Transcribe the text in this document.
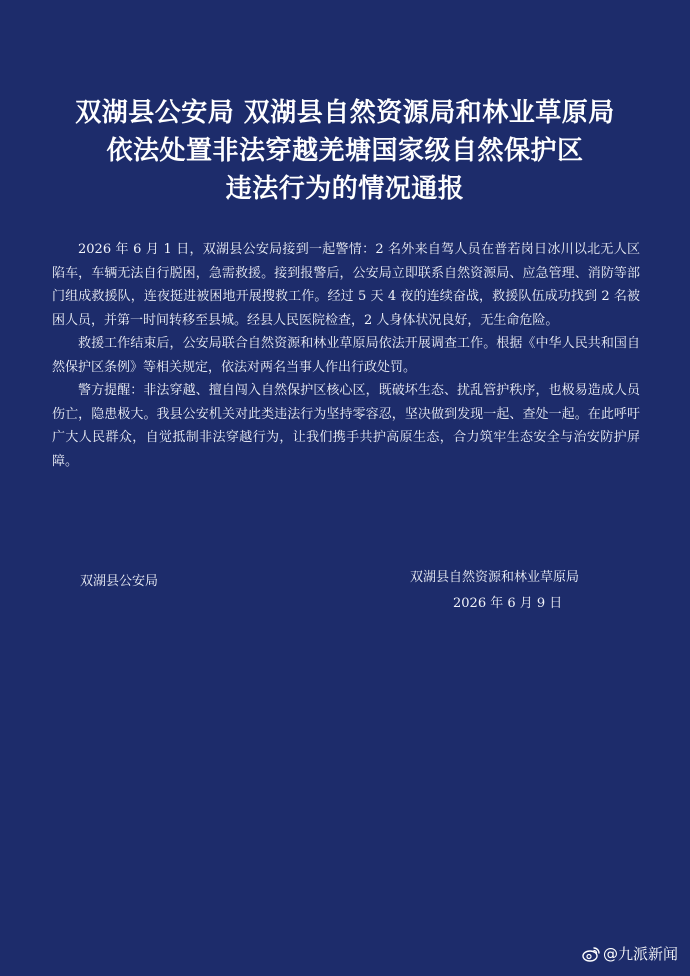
双湖县公安局 双湖县自然资源局和林业草原局
依法处置非法穿越羌塘国家级自然保护区
违法行为的情况通报

2026 年 6 月 1 日，双湖县公安局接到一起警情：2 名外来自驾人员在普若岗日冰川以北无人区陷车，车辆无法自行脱困，急需救援。接到报警后，公安局立即联系自然资源局、应急管理、消防等部门组成救援队，连夜挺进被困地开展搜救工作。经过 5 天 4 夜的连续奋战，救援队伍成功找到 2 名被困人员，并第一时间转移至县城。经县人民医院检查，2 人身体状况良好，无生命危险。

救援工作结束后，公安局联合自然资源和林业草原局依法开展调查工作。根据《中华人民共和国自然保护区条例》等相关规定，依法对两名当事人作出行政处罚。

警方提醒：非法穿越、擅自闯入自然保护区核心区，既破坏生态、扰乱管护秩序，也极易造成人员伤亡，隐患极大。我县公安机关对此类违法行为坚持零容忍，坚决做到发现一起、查处一起。在此呼吁广大人民群众，自觉抵制非法穿越行为，让我们携手共护高原生态，合力筑牢生态安全与治安防护屏障。

双湖县公安局	双湖县自然资源和林业草原局
2026 年 6 月 9 日
@九派新闻
